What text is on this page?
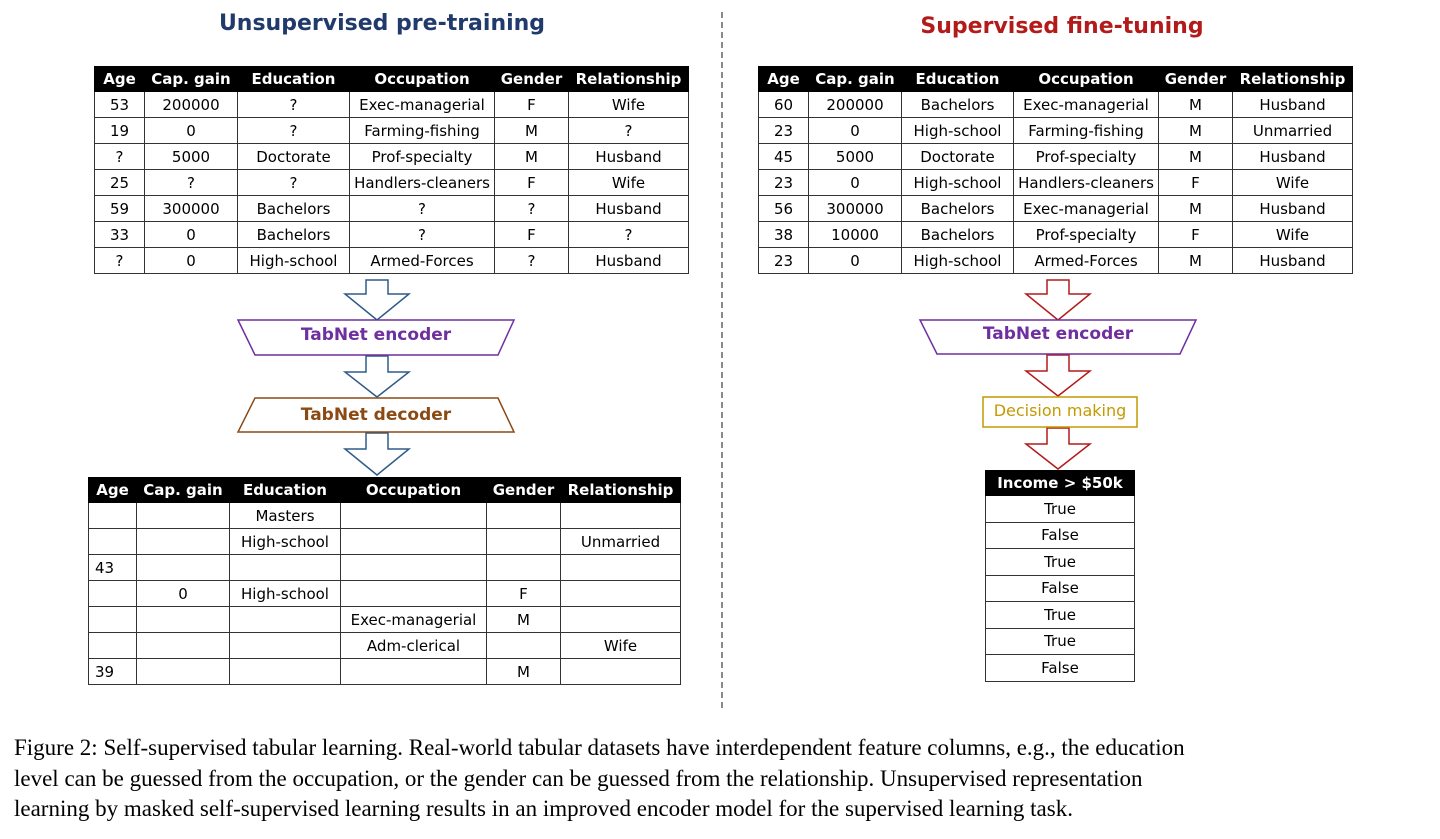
Unsupervised pre-training	Supervised fine-tuning
Age	Cap. gain	Education	Occupation	Gender	Relationship
53	200000	?	Exec-managerial	F	Wife
19	0	?	Farming-fishing	M	?
?	5000	Doctorate	Prof-specialty	M	Husband
25	?	?	Handlers-cleaners	F	Wife
59	300000	Bachelors	?	?	Husband
33	0	Bachelors	?	F	?
?	0	High-school	Armed-Forces	?	Husband
Age	Cap. gain	Education	Occupation	Gender	Relationship
		Masters			
		High-school			Unmarried
43					
	0	High-school		F	
			Exec-managerial	M	
			Adm-clerical		Wife
39				M	
Age	Cap. gain	Education	Occupation	Gender	Relationship
60	200000	Bachelors	Exec-managerial	M	Husband
23	0	High-school	Farming-fishing	M	Unmarried
45	5000	Doctorate	Prof-specialty	M	Husband
23	0	High-school	Handlers-cleaners	F	Wife
56	300000	Bachelors	Exec-managerial	M	Husband
38	10000	Bachelors	Prof-specialty	F	Wife
23	0	High-school	Armed-Forces	M	Husband
Income > $50k
True
False
True
False
True
True
False
TabNet encoder
TabNet decoder
TabNet encoder
Decision making

Figure 2: Self-supervised tabular learning. Real-world tabular datasets have interdependent feature columns, e.g., the education

level can be guessed from the occupation, or the gender can be guessed from the relationship. Unsupervised representation

learning by masked self-supervised learning results in an improved encoder model for the supervised learning task.
